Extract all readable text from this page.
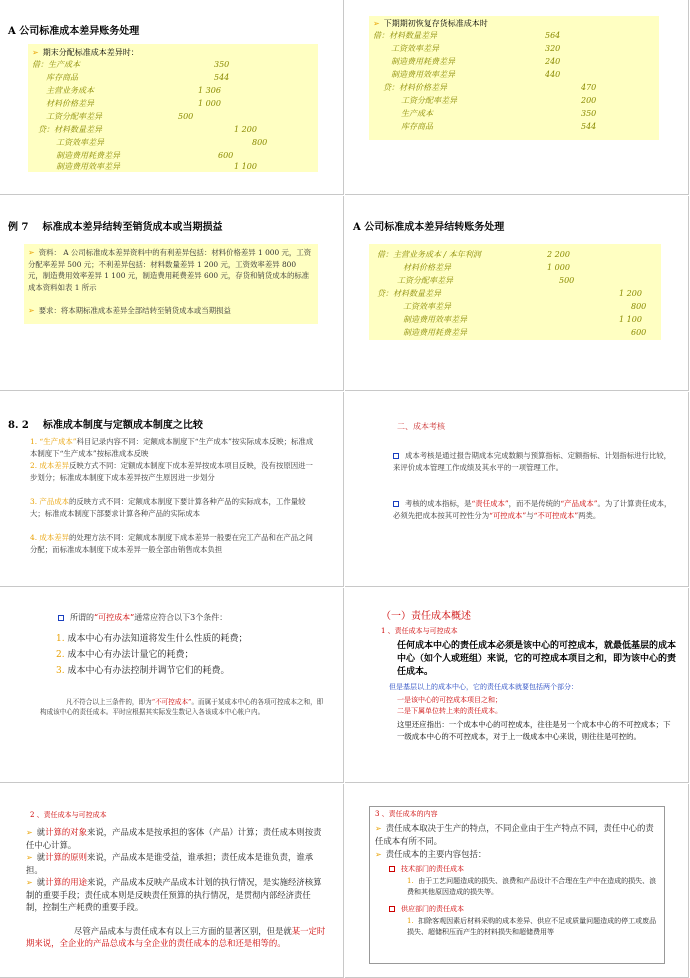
A 公司标准成本差异账务处理
➢ 期末分配标准成本差异时：
借：生产成本	350
库存商品	544
主营业务成本	1 306
材料价格差异	1 000
工资分配率差异	500
贷：材料数量差异	1 200
工资效率差异	800
制造费用耗费差异	600
制造费用效率差异	1 100
➢ 下期期初恢复存货标准成本时
借：材料数量差异	564
工资效率差异	320
制造费用耗费差异	240
制造费用效率差异	440
贷：材料价格差异	470
工资分配率差异	200
生产成本	350
库存商品	544
例 7 标准成本差异结转至销货成本或当期损益
➢ 资料： A 公司标准成本差异资料中的有利差异包括：材料价格差异 1 000 元，工资分配率差异 500 元；不利差异包括：材料数量差异 1 200 元，工资效率差异 800 元，制造费用效率差异 1 100 元，制造费用耗费差异 600 元，存货和销货成本的标准成本资料如表 1 所示
➢ 要求：将本期标准成本差异全部结转至销货成本或当期损益
A 公司标准成本差异结转账务处理
借：主营业务成本 / 本年利润	2 200
材料价格差异	1 000
工资分配率差异	500
贷：材料数量差异	1 200
工资效率差异	800
制造费用效率差异	1 100
制造费用耗费差异	600
8. 2 标准成本制度与定额成本制度之比较
1. “生产成本”科目记录内容不同：定额成本制度下“生产成本”按实际成本反映；标准成本制度下“生产成本”按标准成本反映
2. 成本差异反映方式不同：定额成本制度下成本差异按成本项目反映，没有按原因进一步划分；标准成本制度下成本差异按产生原因进一步划分
3. 产品成本的反映方式不同：定额成本制度下要计算各种产品的实际成本，工作量较大；标准成本制度下部要求计算各种产品的实际成本
4. 成本差异的处理方法不同：定额成本制度下成本差异一般要在完工产品和在产品之间分配；而标准成本制度下成本差异一般全部由销售成本负担
二、成本考核
成本考核是通过报告期成本完成数额与预算指标、定额指标、计划指标进行比较，来评价成本管理工作成绩及其水平的一项管理工作。
考核的成本指标，是“责任成本”，而不是传统的“产品成本”。为了计算责任成本，必须先把成本按其可控性分为“可控成本”与“不可控成本”两类。
所谓的“可控成本”通常应符合以下3个条件：
1. 成本中心有办法知道将发生什么性质的耗费；
2. 成本中心有办法计量它的耗费；
3. 成本中心有办法控制并调节它们的耗费。
凡不符合以上三条件的，即为“不可控成本”。而属于某成本中心的各项可控成本之和，即构成该中心的责任成本。平时应根据其实际发生数记入各该成本中心帐户内。
（一）责任成本概述
1 、责任成本与可控成本
任何成本中心的责任成本必须是该中心的可控成本，就最低基层的成本中心（如个人或班组）来说，它的可控成本项目之和，即为该中心的责任成本。
但是基层以上的成本中心，它的责任成本就要包括两个部分：
一是该中心的可控成本项目之和；
二是下属单位转上来的责任成本。
这里还应指出：一个成本中心的可控成本，往往是另一个成本中心的不可控成本；下一级成本中心的不可控成本，对于上一级成本中心来说，则往往是可控的。
2 、责任成本与可控成本
➢ 就计算的对象来说，产品成本是按承担的客体（产品）计算；责任成本则按责任中心计算。
➢ 就计算的原则来说，产品成本是谁受益，谁承担；责任成本是谁负责，谁承担。
➢ 就计算的用途来说，产品成本反映产品成本计划的执行情况，是实施经济核算制的重要手段；责任成本则是反映责任预算的执行情况，是贯彻内部经济责任制，控制生产耗费的重要手段。
尽管产品成本与责任成本有以上三方面的显著区别，但是就某一定时期来说，全企业的产品总成本与全企业的责任成本的总和还是相等的。
3 、责任成本的内容
➢ 责任成本取决于生产的特点，不同企业由于生产特点不同，责任中心的责任成本有所不同。
➢ 责任成本的主要内容包括：
技术部门的责任成本
1. 由于工艺问题造成的损失、浪费和产品设计不合理在生产中在造成的损失、浪费和其他原因造成的损失等。
供应部门的责任成本
1. 扣除客观因素后材料采购的成本差异、供应不足或质量问题造成的停工或废品损失、超储积压而产生的材料损失和超储费用等
